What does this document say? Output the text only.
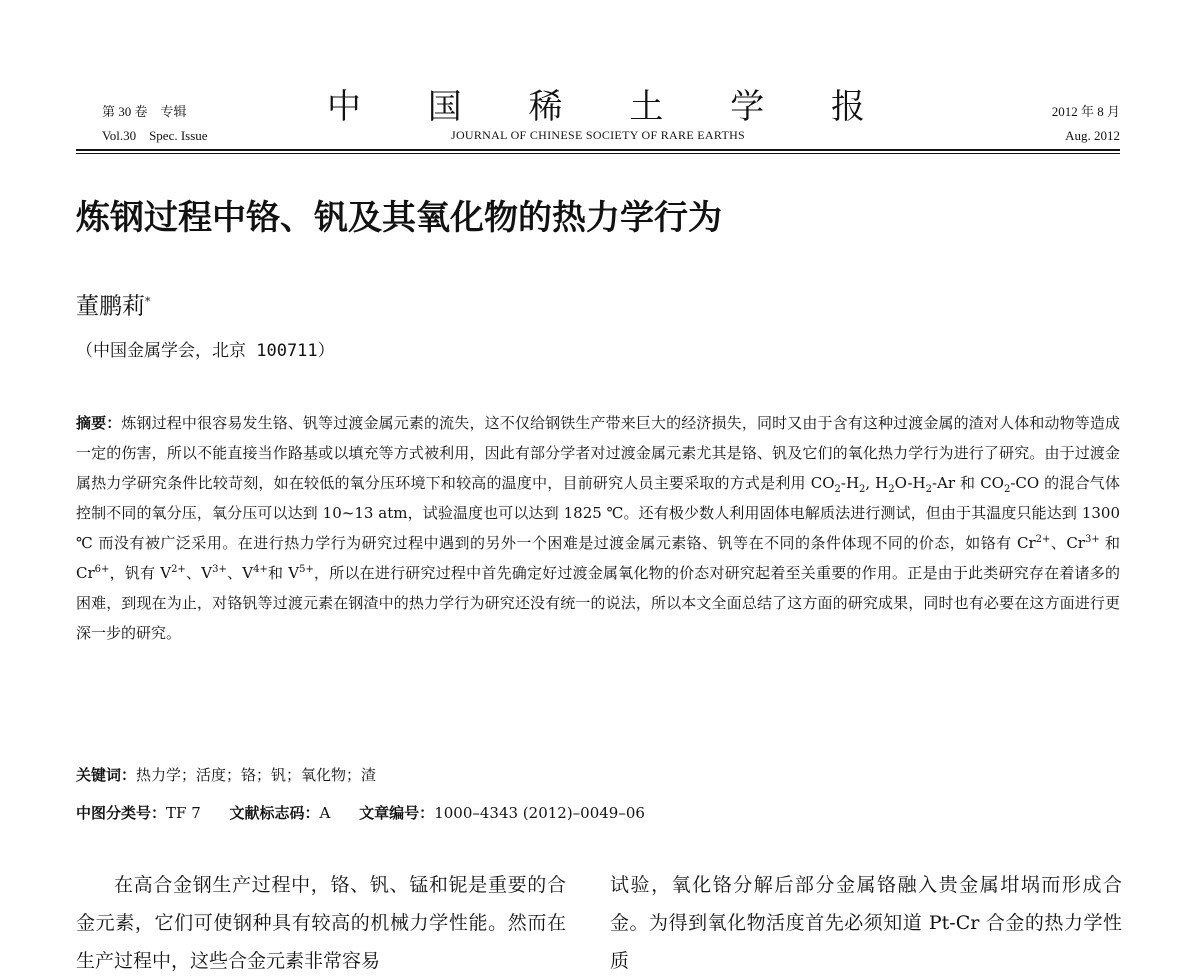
第 30 卷　专辑
Vol.30　Spec. Issue
中 国 稀 土 学 报
JOURNAL OF CHINESE SOCIETY OF RARE EARTHS
2012 年 8 月
Aug. 2012
炼钢过程中铬、钒及其氧化物的热力学行为
董鹏莉*
（中国金属学会，北京 100711）
摘要：炼钢过程中很容易发生铬、钒等过渡金属元素的流失，这不仅给钢铁生产带来巨大的经济损失，同时又由于含有这种过渡金属的渣对人体和动物等造成一定的伤害，所以不能直接当作路基或以填充等方式被利用，因此有部分学者对过渡金属元素尤其是铬、钒及它们的氧化热力学行为进行了研究。由于过渡金属热力学研究条件比较苛刻，如在较低的氧分压环境下和较高的温度中，目前研究人员主要采取的方式是利用 $CO_2-H_2$, $H_2O-H_2-Ar$ 和 $CO_2-CO$ 的混合气体控制不同的氧分压，氧分压可以达到 10~13 atm，试验温度也可以达到 1825 ℃。还有极少数人利用固体电解质法进行测试，但由于其温度只能达到 1300 ℃ 而没有被广泛采用。在进行热力学行为研究过程中遇到的另外一个困难是过渡金属元素铬、钒等在不同的条件体现不同的价态，如铬有 $Cr^{2+}$、$Cr^{3+}$ 和 $Cr^{6+}$，钒有 $V^{2+}$、$V^{3+}$、$V^{4+}$和 $V^{5+}$，所以在进行研究过程中首先确定好过渡金属氧化物的价态对研究起着至关重要的作用。正是由于此类研究存在着诸多的困难，到现在为止，对铬钒等过渡元素在钢渣中的热力学行为研究还没有统一的说法，所以本文全面总结了这方面的研究成果，同时也有必要在这方面进行更深一步的研究。
关键词：热力学；活度；铬；钒；氧化物；渣
中图分类号：TF 7 文献标志码：A 文章编号：1000–4343 (2012)–0049–06
在高合金钢生产过程中，铬、钒、锰和铌是重要的合金元素，它们可使钢种具有较高的机械力学性能。然而在生产过程中，这些合金元素非常容易
试验，氧化铬分解后部分金属铬融入贵金属坩埚而形成合金。为得到氧化物活度首先必须知道 Pt-Cr 合金的热力学性质
